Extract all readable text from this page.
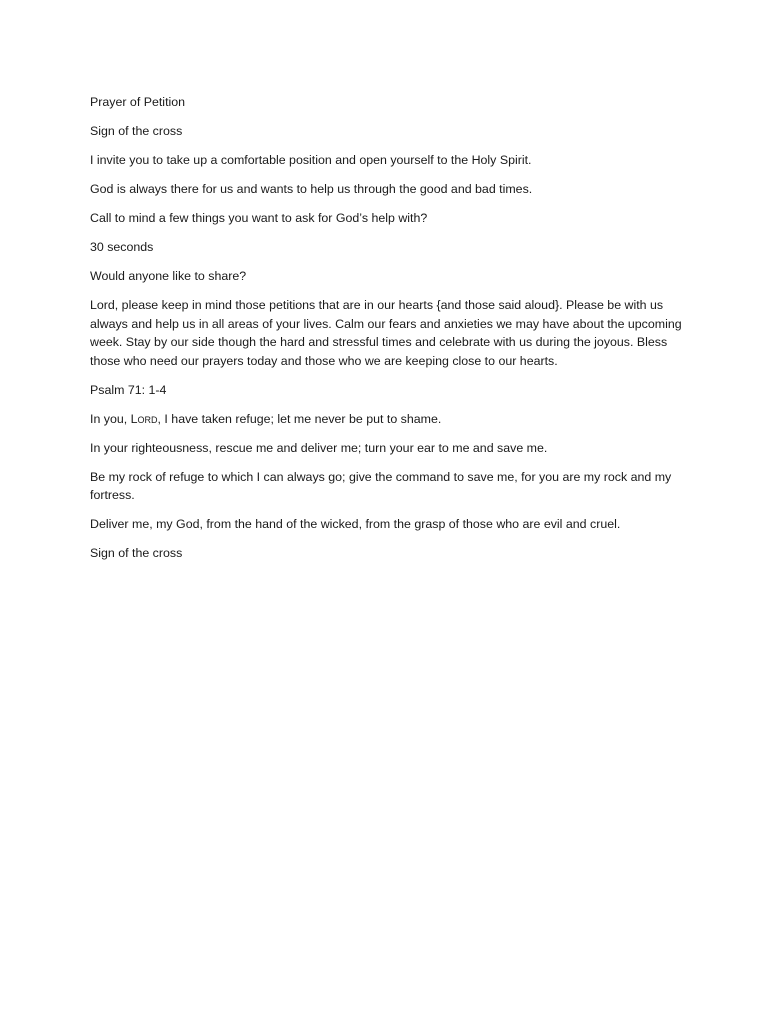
Prayer of Petition

Sign of the cross

I invite you to take up a comfortable position and open yourself to the Holy Spirit.

God is always there for us and wants to help us through the good and bad times.

Call to mind a few things you want to ask for God’s help with?

30 seconds

Would anyone like to share?

Lord, please keep in mind those petitions that are in our hearts {and those said aloud}. Please be with us always and help us in all areas of your lives. Calm our fears and anxieties we may have about the upcoming week. Stay by our side though the hard and stressful times and celebrate with us during the joyous. Bless those who need our prayers today and those who we are keeping close to our hearts.

Psalm 71: 1-4

In you, Lord, I have taken refuge; let me never be put to shame.

In your righteousness, rescue me and deliver me; turn your ear to me and save me.

Be my rock of refuge to which I can always go; give the command to save me, for you are my rock and my fortress.

Deliver me, my God, from the hand of the wicked, from the grasp of those who are evil and cruel.

Sign of the cross
